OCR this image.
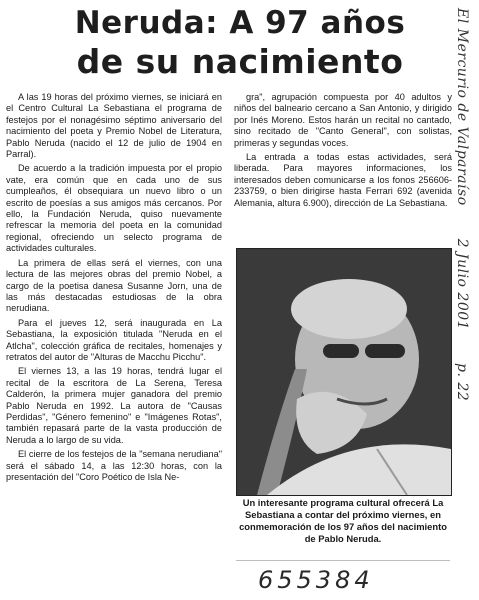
Neruda: A 97 años
de su nacimiento

A las 19 horas del próximo viernes, se iniciará en el Centro Cultural La Sebastiana el programa de festejos por el nonagésimo séptimo aniversario del nacimiento del poeta y Premio Nobel de Literatura, Pablo Neruda (nacido el 12 de julio de 1904 en Parral).

De acuerdo a la tradición impuesta por el propio vate, era común que en cada uno de sus cumpleaños, él obsequiara un nuevo libro o un escrito de poesías a sus amigos más cercanos. Por ello, la Fundación Neruda, quiso nuevamente refrescar la memoria del poeta en la comunidad regional, ofreciendo un selecto programa de actividades culturales.

La primera de ellas será el viernes, con una lectura de las mejores obras del premio Nobel, a cargo de la poetisa danesa Susanne Jorn, una de las más destacadas estudiosas de la obra nerudiana.

Para el jueves 12, será inaugurada en La Sebastiana, la exposición titulada "Neruda en el Atlcha", colección gráfica de recitales, homenajes y retratos del autor de "Alturas de Macchu Picchu".

El viernes 13, a las 19 horas, tendrá lugar el recital de la escritora de La Serena, Teresa Calderón, la primera mujer ganadora del premio Pablo Neruda en 1992. La autora de "Causas Perdidas", "Género femenino" e "Imágenes Rotas", también repasará parte de la vasta producción de Neruda a lo largo de su vida.

El cierre de los festejos de la "semana nerudiana" será el sábado 14, a las 12:30 horas, con la presentación del "Coro Poético de Isla Ne-

gra", agrupación compuesta por 40 adultos y niños del balneario cercano a San Antonio, y dirigido por Inés Moreno. Estos harán un recital no cantado, sino recitado de "Canto General", con solistas, primeras y segundas voces.

La entrada a todas estas actividades, será liberada. Para mayores informaciones, los interesados deben comunicarse a los fonos 256606-233759, o bien dirigirse hasta Ferrari 692 (avenida Alemania, altura 6.900), dirección de La Sebastiana.

Un interesante programa cultural ofrecerá La Sebastiana a contar del próximo viernes, en conmemoración de los 97 años del nacimiento de Pablo Neruda.
El Mercurio de Valparaíso 2 Julio 2001 p. 22
655384
